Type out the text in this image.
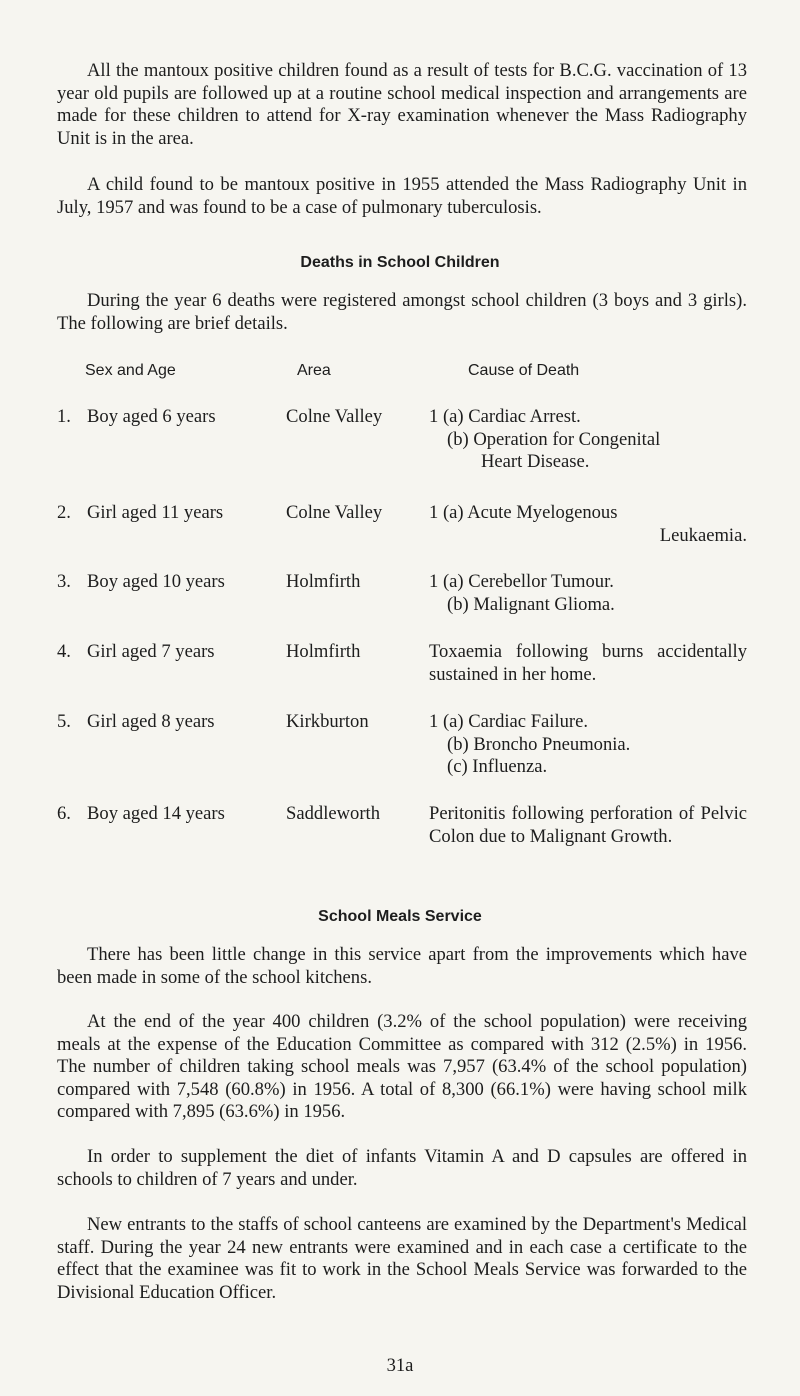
All the mantoux positive children found as a result of tests for B.C.G. vaccination of 13 year old pupils are followed up at a routine school medical inspection and arrangements are made for these children to attend for X-ray examination whenever the Mass Radiography Unit is in the area.

A child found to be mantoux positive in 1955 attended the Mass Radiography Unit in July, 1957 and was found to be a case of pulmonary tuberculosis.

Deaths in School Children

During the year 6 deaths were registered amongst school children (3 boys and 3 girls). The following are brief details.

Sex and Age	Area	Cause of Death
1. Boy aged 6 years	Colne Valley	1 (a) Cardiac Arrest.
(b) Operation for Congenital
Heart Disease.
2. Girl aged 11 years	Colne Valley	1 (a) Acute Myelogenous
Leukaemia.
3. Boy aged 10 years	Holmfirth	1 (a) Cerebellor Tumour.
(b) Malignant Glioma.
4. Girl aged 7 years	Holmfirth	Toxaemia following burns accidentally sustained in her home.
5. Girl aged 8 years	Kirkburton	1 (a) Cardiac Failure.
(b) Broncho Pneumonia.
(c) Influenza.
6. Boy aged 14 years	Saddleworth	Peritonitis following perforation of Pelvic Colon due to Malignant Growth.
School Meals Service

There has been little change in this service apart from the improvements which have been made in some of the school kitchens.

At the end of the year 400 children (3.2% of the school population) were receiving meals at the expense of the Education Committee as compared with 312 (2.5%) in 1956. The number of children taking school meals was 7,957 (63.4% of the school population) compared with 7,548 (60.8%) in 1956. A total of 8,300 (66.1%) were having school milk compared with 7,895 (63.6%) in 1956.

In order to supplement the diet of infants Vitamin A and D capsules are offered in schools to children of 7 years and under.

New entrants to the staffs of school canteens are examined by the Department's Medical staff. During the year 24 new entrants were examined and in each case a certificate to the effect that the examinee was fit to work in the School Meals Service was forwarded to the Divisional Education Officer.

31a
